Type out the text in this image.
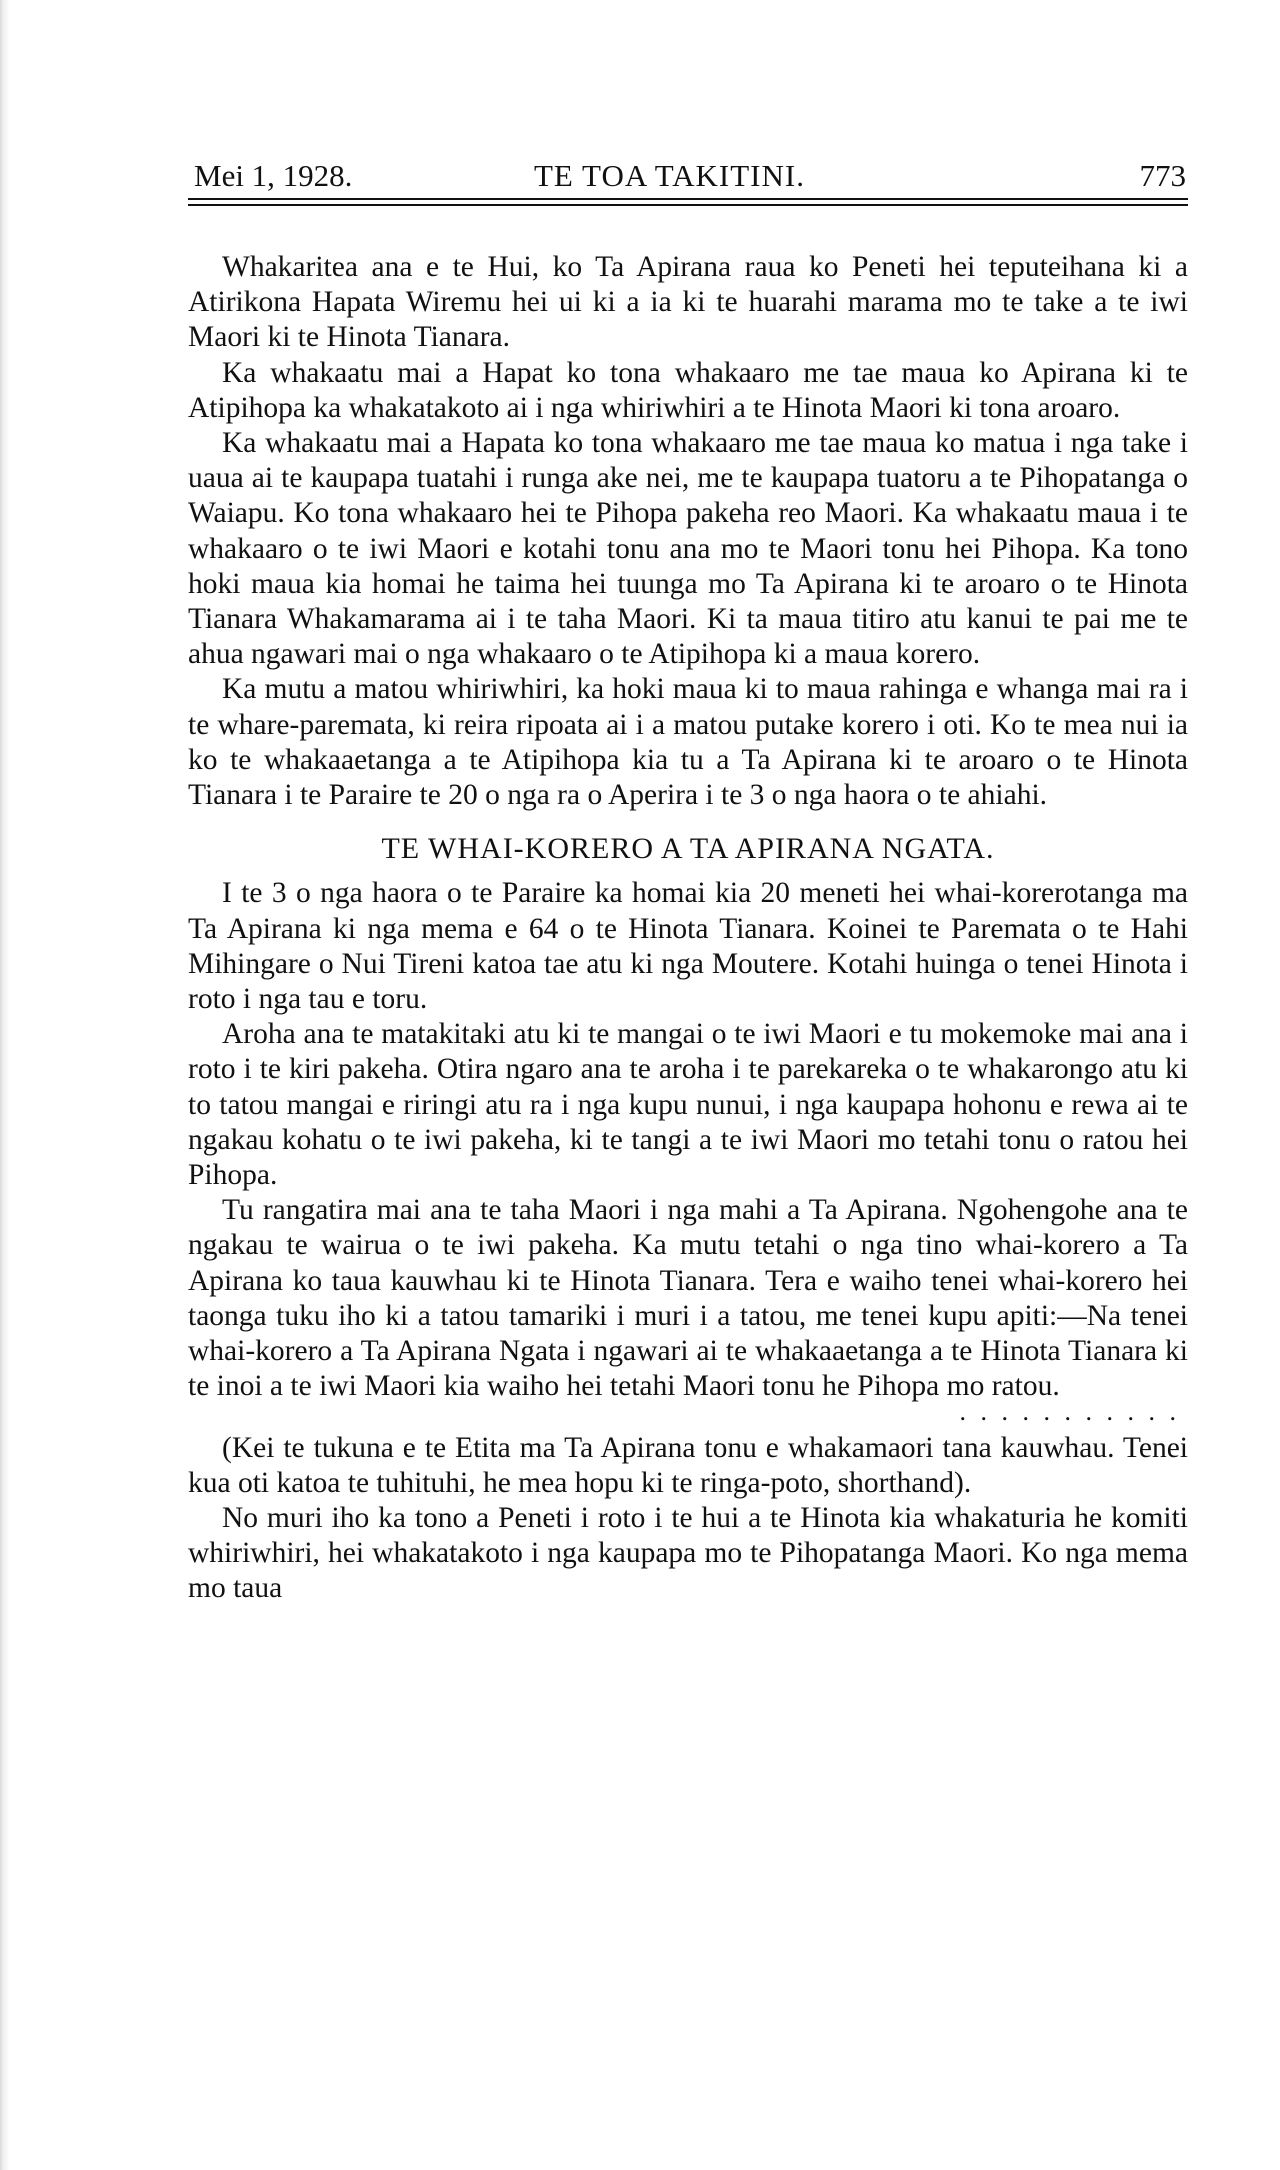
Mei 1, 1928.	TE TOA TAKITINI.	773

Whakaritea ana e te Hui, ko Ta Apirana raua ko Peneti hei teputeihana ki a Atirikona Hapata Wiremu hei ui ki a ia ki te huarahi marama mo te take a te iwi Maori ki te Hinota Tianara.

Ka whakaatu mai a Hapat ko tona whakaaro me tae maua ko Apirana ki te Atipihopa ka whakatakoto ai i nga whiriwhiri a te Hinota Maori ki tona aroaro.

Ka whakaatu mai a Hapata ko tona whakaaro me tae maua ko matua i nga take i uaua ai te kaupapa tuatahi i runga ake nei, me te kaupapa tuatoru a te Pihopatanga o Waiapu. Ko tona whakaaro hei te Pihopa pakeha reo Maori. Ka whakaatu maua i te whakaaro o te iwi Maori e kotahi tonu ana mo te Maori tonu hei Pihopa. Ka tono hoki maua kia homai he taima hei tuunga mo Ta Apirana ki te aroaro o te Hinota Tianara Whakamarama ai i te taha Maori. Ki ta maua titiro atu kanui te pai me te ahua ngawari mai o nga whakaaro o te Atipihopa ki a maua korero.

Ka mutu a matou whiriwhiri, ka hoki maua ki to maua rahinga e whanga mai ra i te whare-paremata, ki reira ripoata ai i a matou putake korero i oti. Ko te mea nui ia ko te whakaaetanga a te Atipihopa kia tu a Ta Apirana ki te aroaro o te Hinota Tianara i te Paraire te 20 o nga ra o Aperira i te 3 o nga haora o te ahiahi.

TE WHAI-KORERO A TA APIRANA NGATA.

I te 3 o nga haora o te Paraire ka homai kia 20 meneti hei whai-korerotanga ma Ta Apirana ki nga mema e 64 o te Hinota Tianara. Koinei te Paremata o te Hahi Mihingare o Nui Tireni katoa tae atu ki nga Moutere. Kotahi huinga o tenei Hinota i roto i nga tau e toru.

Aroha ana te matakitaki atu ki te mangai o te iwi Maori e tu mokemoke mai ana i roto i te kiri pakeha. Otira ngaro ana te aroha i te parekareka o te whakarongo atu ki to tatou mangai e riringi atu ra i nga kupu nunui, i nga kaupapa hohonu e rewa ai te ngakau kohatu o te iwi pakeha, ki te tangi a te iwi Maori mo tetahi tonu o ratou hei Pihopa.

Tu rangatira mai ana te taha Maori i nga mahi a Ta Apirana. Ngohengohe ana te ngakau te wairua o te iwi pakeha. Ka mutu tetahi o nga tino whai-korero a Ta Apirana ko taua kauwhau ki te Hinota Tianara. Tera e waiho tenei whai-korero hei taonga tuku iho ki a tatou tamariki i muri i a tatou, me tenei kupu apiti:—Na tenei whai-korero a Ta Apirana Ngata i ngawari ai te whakaaetanga a te Hinota Tianara ki te inoi a te iwi Maori kia waiho hei tetahi Maori tonu he Pihopa mo ratou.

. . . . . . . . . . .

(Kei te tukuna e te Etita ma Ta Apirana tonu e whakamaori tana kauwhau. Tenei kua oti katoa te tuhituhi, he mea hopu ki te ringa-poto, shorthand).

No muri iho ka tono a Peneti i roto i te hui a te Hinota kia whakaturia he komiti whiriwhiri, hei whakatakoto i nga kaupapa mo te Pihopatanga Maori. Ko nga mema mo taua
